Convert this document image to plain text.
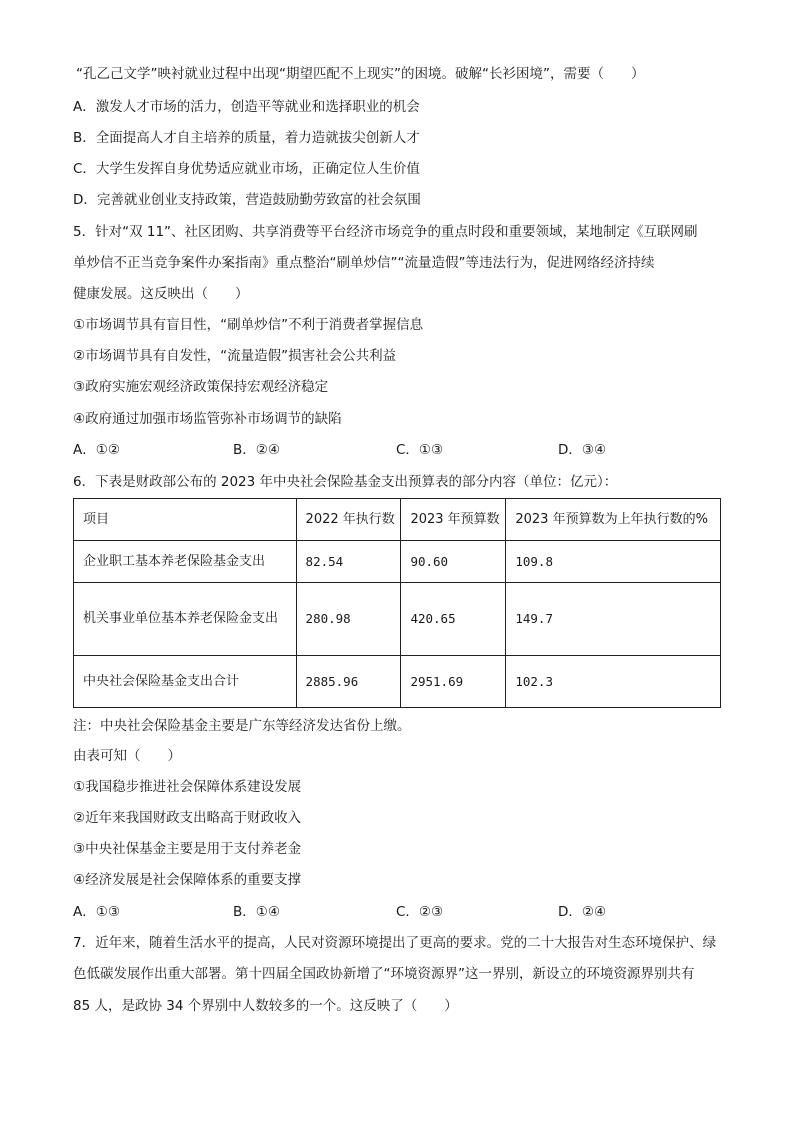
“孔乙己文学”映衬就业过程中出现“期望匹配不上现实”的困境。破解“长衫困境”，需要（　　）
A．激发人才市场的活力，创造平等就业和选择职业的机会
B．全面提高人才自主培养的质量，着力造就拔尖创新人才
C．大学生发挥自身优势适应就业市场，正确定位人生价值
D．完善就业创业支持政策，营造鼓励勤劳致富的社会氛围
5．针对“双 11”、社区团购、共享消费等平台经济市场竞争的重点时段和重要领域，某地制定《互联网刷
单炒信不正当竞争案件办案指南》重点整治“刷单炒信”“流量造假”等违法行为，促进网络经济持续
健康发展。这反映出（　　）
①市场调节具有盲目性，“刷单炒信”不利于消费者掌握信息
②市场调节具有自发性，“流量造假”损害社会公共利益
③政府实施宏观经济政策保持宏观经济稳定
④政府通过加强市场监管弥补市场调节的缺陷
A．①②	B．②④	C．①③	D．③④
6．下表是财政部公布的 2023 年中央社会保险基金支出预算表的部分内容（单位：亿元）：
项目	2022 年执行数	2023 年预算数	2023 年预算数为上年执行数的%
企业职工基本养老保险基金支出	82.54	90.60	109.8
机关事业单位基本养老保险金支出	280.98	420.65	149.7
中央社会保险基金支出合计	2885.96	2951.69	102.3
注：中央社会保险基金主要是广东等经济发达省份上缴。
由表可知（　　）
①我国稳步推进社会保障体系建设发展
②近年来我国财政支出略高于财政收入
③中央社保基金主要是用于支付养老金
④经济发展是社会保障体系的重要支撑
A．①③	B．①④	C．②③	D．②④
7．近年来，随着生活水平的提高，人民对资源环境提出了更高的要求。党的二十大报告对生态环境保护、绿
色低碳发展作出重大部署。第十四届全国政协新增了“环境资源界”这一界别，新设立的环境资源界别共有
85 人，是政协 34 个界别中人数较多的一个。这反映了（　　）
